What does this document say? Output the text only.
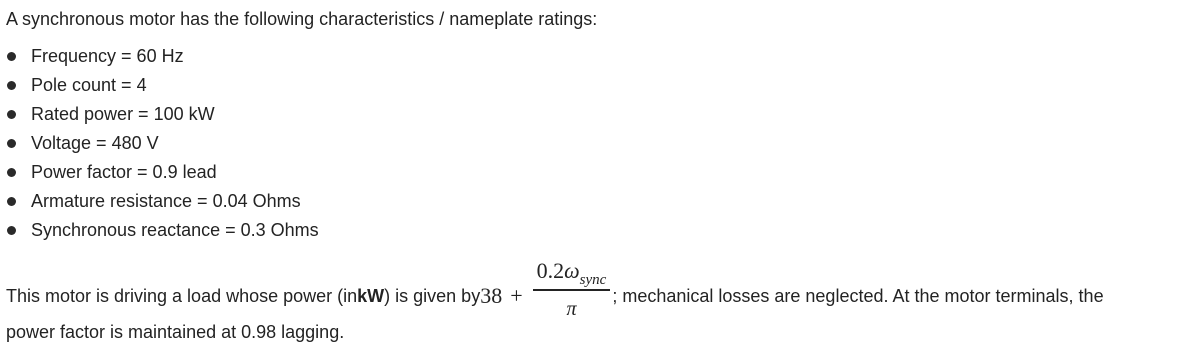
A synchronous motor has the following characteristics / nameplate ratings:

Frequency = 60 Hz
Pole count = 4
Rated power = 100 kW
Voltage = 480 V
Power factor = 0.9 lead
Armature resistance = 0.04 Ohms
Synchronous reactance = 0.3 Ohms
This motor is driving a load whose power (in kW ) is given by $38 + \frac{0.2\omega_{sync}}{\pi}$ ; mechanical losses are neglected. At the motor terminals, the
power factor is maintained at 0.98 lagging.
